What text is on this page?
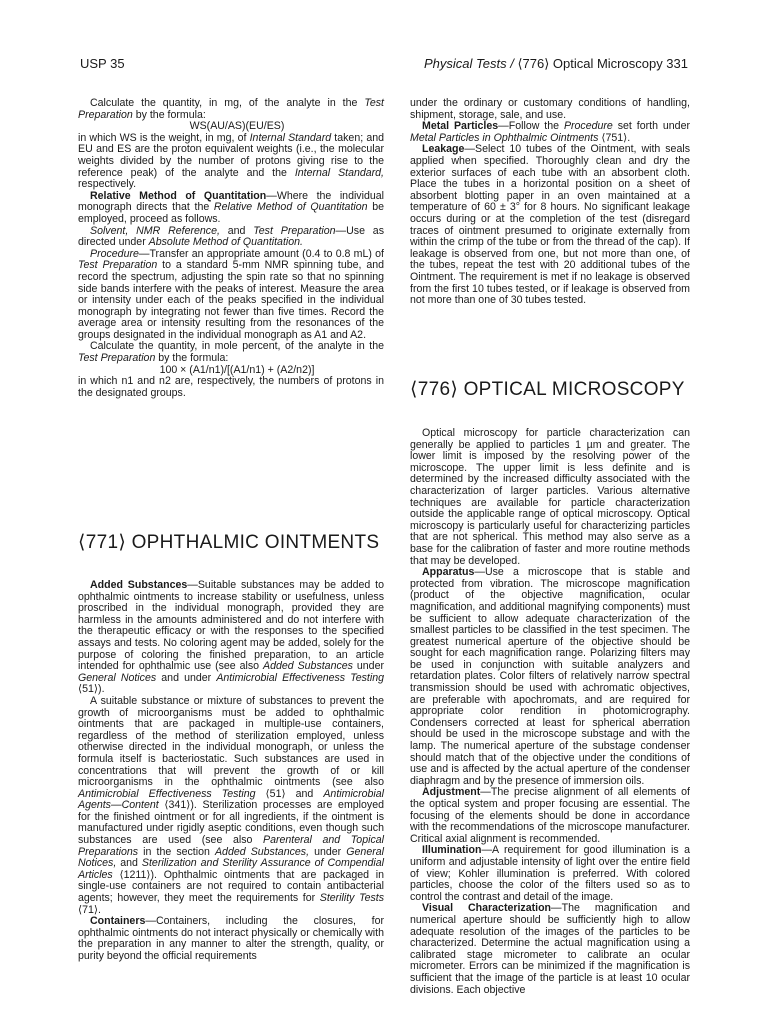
USP 35	Physical Tests / ⟨776⟩ Optical Microscopy 331

Calculate the quantity, in mg, of the analyte in the Test Preparation by the formula:

WS(AU/AS)(EU/ES)

in which WS is the weight, in mg, of Internal Standard taken; and EU and ES are the proton equivalent weights (i.e., the molecular weights divided by the number of protons giving rise to the reference peak) of the analyte and the Internal Standard, respectively.

Relative Method of Quantitation—Where the individual monograph directs that the Relative Method of Quantitation be employed, proceed as follows.

Solvent, NMR Reference, and Test Preparation—Use as directed under Absolute Method of Quantitation.

Procedure—Transfer an appropriate amount (0.4 to 0.8 mL) of Test Preparation to a standard 5-mm NMR spinning tube, and record the spectrum, adjusting the spin rate so that no spinning side bands interfere with the peaks of interest. Measure the area or intensity under each of the peaks specified in the individual monograph by integrating not fewer than five times. Record the average area or intensity resulting from the resonances of the groups designated in the individual monograph as A1 and A2.

Calculate the quantity, in mole percent, of the analyte in the Test Preparation by the formula:

100 × (A1/n1)/[(A1/n1) + (A2/n2)]

in which n1 and n2 are, respectively, the numbers of protons in the designated groups.

⟨771⟩ OPHTHALMIC OINTMENTS

Added Substances—Suitable substances may be added to ophthalmic ointments to increase stability or usefulness, unless proscribed in the individual monograph, provided they are harmless in the amounts administered and do not interfere with the therapeutic efficacy or with the responses to the specified assays and tests. No coloring agent may be added, solely for the purpose of coloring the finished preparation, to an article intended for ophthalmic use (see also Added Substances under General Notices and under Antimicrobial Effectiveness Testing ⟨51⟩).

A suitable substance or mixture of substances to prevent the growth of microorganisms must be added to ophthalmic ointments that are packaged in multiple-use containers, regardless of the method of sterilization employed, unless otherwise directed in the individual monograph, or unless the formula itself is bacteriostatic. Such substances are used in concentrations that will prevent the growth of or kill microorganisms in the ophthalmic ointments (see also Antimicrobial Effectiveness Testing ⟨51⟩ and Antimicrobial Agents—Content ⟨341⟩). Sterilization processes are employed for the finished ointment or for all ingredients, if the ointment is manufactured under rigidly aseptic conditions, even though such substances are used (see also Parenteral and Topical Preparations in the section Added Substances, under General Notices, and Sterilization and Sterility Assurance of Compendial Articles ⟨1211⟩). Ophthalmic ointments that are packaged in single-use containers are not required to contain antibacterial agents; however, they meet the requirements for Sterility Tests ⟨71⟩.

Containers—Containers, including the closures, for ophthalmic ointments do not interact physically or chemically with the preparation in any manner to alter the strength, quality, or purity beyond the official requirements

under the ordinary or customary conditions of handling, shipment, storage, sale, and use.

Metal Particles—Follow the Procedure set forth under Metal Particles in Ophthalmic Ointments ⟨751⟩.

Leakage—Select 10 tubes of the Ointment, with seals applied when specified. Thoroughly clean and dry the exterior surfaces of each tube with an absorbent cloth. Place the tubes in a horizontal position on a sheet of absorbent blotting paper in an oven maintained at a temperature of 60 ± 3° for 8 hours. No significant leakage occurs during or at the completion of the test (disregard traces of ointment presumed to originate externally from within the crimp of the tube or from the thread of the cap). If leakage is observed from one, but not more than one, of the tubes, repeat the test with 20 additional tubes of the Ointment. The requirement is met if no leakage is observed from the first 10 tubes tested, or if leakage is observed from not more than one of 30 tubes tested.

⟨776⟩ OPTICAL MICROSCOPY

Optical microscopy for particle characterization can generally be applied to particles 1 µm and greater. The lower limit is imposed by the resolving power of the microscope. The upper limit is less definite and is determined by the increased difficulty associated with the characterization of larger particles. Various alternative techniques are available for particle characterization outside the applicable range of optical microscopy. Optical microscopy is particularly useful for characterizing particles that are not spherical. This method may also serve as a base for the calibration of faster and more routine methods that may be developed.

Apparatus—Use a microscope that is stable and protected from vibration. The microscope magnification (product of the objective magnification, ocular magnification, and additional magnifying components) must be sufficient to allow adequate characterization of the smallest particles to be classified in the test specimen. The greatest numerical aperture of the objective should be sought for each magnification range. Polarizing filters may be used in conjunction with suitable analyzers and retardation plates. Color filters of relatively narrow spectral transmission should be used with achromatic objectives, are preferable with apochromats, and are required for appropriate color rendition in photomicrography. Condensers corrected at least for spherical aberration should be used in the microscope substage and with the lamp. The numerical aperture of the substage condenser should match that of the objective under the conditions of use and is affected by the actual aperture of the condenser diaphragm and by the presence of immersion oils.

Adjustment—The precise alignment of all elements of the optical system and proper focusing are essential. The focusing of the elements should be done in accordance with the recommendations of the microscope manufacturer. Critical axial alignment is recommended.

Illumination—A requirement for good illumination is a uniform and adjustable intensity of light over the entire field of view; Kohler illumination is preferred. With colored particles, choose the color of the filters used so as to control the contrast and detail of the image.

Visual Characterization—The magnification and numerical aperture should be sufficiently high to allow adequate resolution of the images of the particles to be characterized. Determine the actual magnification using a calibrated stage micrometer to calibrate an ocular micrometer. Errors can be minimized if the magnification is sufficient that the image of the particle is at least 10 ocular divisions. Each objective
